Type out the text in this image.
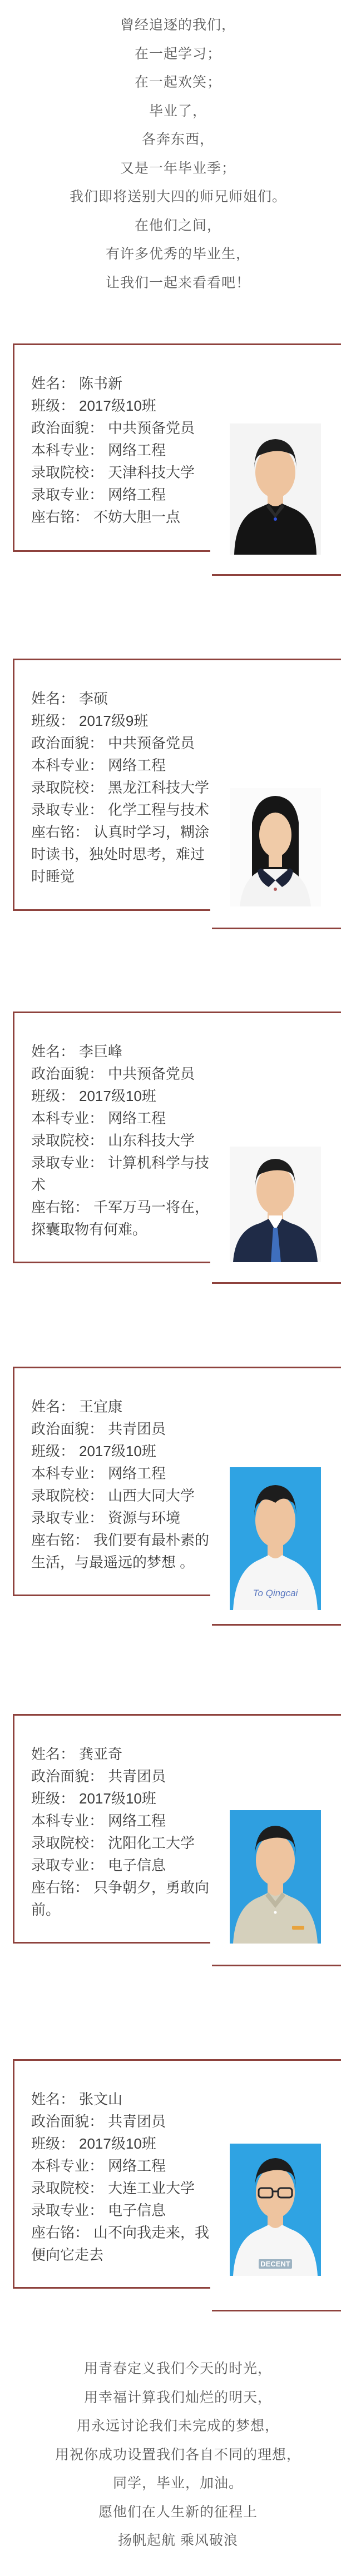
曾经追逐的我们，
在一起学习；
在一起欢笑；
毕业了，
各奔东西，
又是一年毕业季；
我们即将送别大四的师兄师姐们。
在他们之间，
有许多优秀的毕业生，
让我们一起来看看吧！
姓名： 陈书新
班级： 2017级10班
政治面貌： 中共预备党员
本科专业： 网络工程
录取院校： 天津科技大学
录取专业： 网络工程
座右铭： 不妨大胆一点
姓名： 李硕
班级： 2017级9班
政治面貌： 中共预备党员
本科专业： 网络工程
录取院校： 黑龙江科技大学
录取专业： 化学工程与技术
座右铭： 认真时学习，糊涂时读书，独处时思考，难过时睡觉
姓名： 李巨峰
政治面貌： 中共预备党员
班级： 2017级10班
本科专业： 网络工程
录取院校： 山东科技大学
录取专业： 计算机科学与技术
座右铭： 千军万马一将在，探囊取物有何难。
姓名： 王宜康
政治面貌： 共青团员
班级： 2017级10班
本科专业： 网络工程
录取院校： 山西大同大学
录取专业： 资源与环境
座右铭： 我们要有最朴素的生活，与最遥远的梦想 。
To Qingcai
姓名： 龚亚奇
政治面貌： 共青团员
班级： 2017级10班
本科专业： 网络工程
录取院校： 沈阳化工大学
录取专业： 电子信息
座右铭： 只争朝夕，勇敢向前。
姓名： 张文山
政治面貌： 共青团员
班级： 2017级10班
本科专业： 网络工程
录取院校： 大连工业大学
录取专业： 电子信息
座右铭： 山不向我走来，我便向它走去
DECENT
用青春定义我们今天的时光，
用幸福计算我们灿烂的明天，
用永远讨论我们未完成的梦想，
用祝你成功设置我们各自不同的理想，
同学，毕业，加油。
愿他们在人生新的征程上
扬帆起航 乘风破浪
